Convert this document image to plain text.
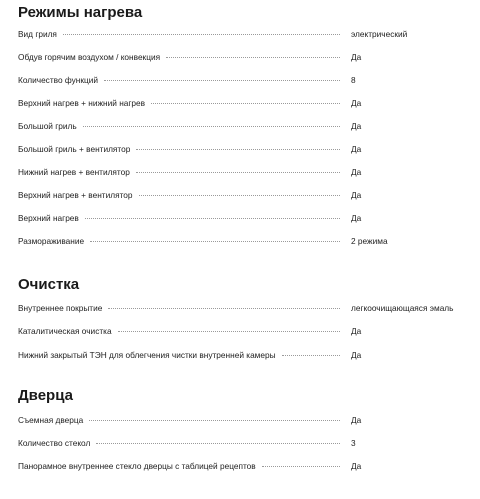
Режимы нагрева
Вид гриля	электрический
Обдув горячим воздухом / конвекция	Да
Количество функций	8
Верхний нагрев + нижний нагрев	Да
Большой гриль	Да
Большой гриль + вентилятор	Да
Нижний нагрев + вентилятор	Да
Верхний нагрев + вентилятор	Да
Верхний нагрев	Да
Размораживание	2 режима
Очистка
Внутреннее покрытие	легкоочищающаяся эмаль
Каталитическая очистка	Да
Нижний закрытый ТЭН для облегчения чистки внутренней камеры	Да
Дверца
Съемная дверца	Да
Количество стекол	3
Панорамное внутреннее стекло дверцы с таблицей рецептов	Да
